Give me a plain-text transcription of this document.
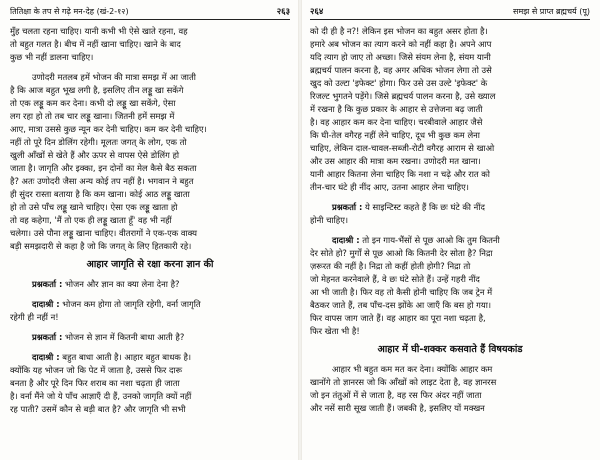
तितिक्षा के तप से गढ़े मन-देह (खं-2-१२)	२६३

मुँह चलता रहना चाहिए। यानी कभी भी ऐसे खाते रहना, वह

तो बहुत गलत है। बीच में नहीं खाना चाहिए। खाने के बाद

कुछ भी नहीं डालना चाहिए।

उणोदरी मतलब हमें भोजन की मात्रा समझ में आ जाती

है कि आज बहुत भूख लगी है, इसलिए तीन लड्डू खा सकेंगे

तो एक लड्डू कम कर देना। कभी दो लड्डू खा सकेंगे, ऐसा

लग रहा हो तो तब चार लड्डू खाना। जितनी हमें समझ में

आए, मात्रा उससे कुछ न्यून कर देनी चाहिए। कम कर देनी चाहिए।

नहीं तो पूरे दिन डोलिंग रहेगी। मूलतः जगत् के लोग, एक तो

खुली आँखों से खेते हैं और ऊपर से वापस ऐसे डोलिंग हो

जाता है। जागृति और इक्का, इन दोनों का मेल कैसे बैठ सकता

है? अतः उणोदरी जैसा अन्य कोई तप नहीं है। भगवान ने बहुत

ही सुंदर रास्ता बताया है कि कम खाना। कोई आठ लड्डू खाता

हो तो उसे पाँच लड्डू खाने चाहिए। ऐसा एक लड्डू खाता हो

तो वह कहेगा, 'मैं तो एक ही लड्डू खाता हूँ' वह भी नहीं

चलेगा। उसे पौना लड्डू खाना चाहिए। वीतरागों ने एक-एक वाक्य

बड़ी समझदारी से कहा है जो कि जगत् के लिए हितकारी रहे।

आहार जागृति से रक्षा करना ज्ञान की

प्रश्नकर्ता : भोजन और ज्ञान का क्या लेना देना है?

दादाश्री : भोजन कम होगा तो जागृति रहेगी, वर्ना जागृति

रहेगी ही नहीं न!

प्रश्नकर्ता : भोजन से ज्ञान में कितनी बाधा आती है?

दादाश्री : बहुत बाधा आती है। आहार बहुत बाधक है।

क्योंकि यह भोजन जो कि पेट में जाता है, उससे फिर दारू

बनता है और पूरे दिन फिर शराब का नशा चढ़ता ही जाता

है। वर्ना मैंने जो ये पाँच आज्ञाएँ दी हैं, उनको जागृति क्यों नहीं

रह पाती? उसमें कौन से बड़ी बात है? और जागृति भी सभी

२६४	समझ से प्राप्त ब्रह्मचर्य (पू)

को दी ही है न?! लेकिन इस भोजन का बहुत असर होता है।

हमारे अब भोजन का त्याग करने को नहीं कहा है। अपने आप

यदि त्याग हो जाए तो अच्छा। जिसे संयम लेना है, संयम यानी

ब्रह्मचर्य पालन करना है, वह अगर अधिक भोजन लेगा तो उसे

खुद को उल्टा 'इफेक्ट' होगा। फिर उसे उस उल्टे 'इफेक्ट' के

रिजल्ट भुगतने पड़ेंगे। जिसे ब्रह्मचर्य पालन करना है, उसे ख्याल

में रखना है कि कुछ प्रकार के आहार से उत्तेजना बढ़ जाती

है। वह आहार कम कर देना चाहिए। चरबीवाले आहार जैसे

कि घी-तेल वगैरह नहीं लेने चाहिए, दूध भी कुछ कम लेना

चाहिए, लेकिन दाल-चावल-सब्जी-रोटी वगैरह आराम से खाओ

और उस आहार की मात्रा कम रखना। उणोदरी मत खाना।

यानी आहार कितना लेना चाहिए कि नशा न चढ़े और रात को

तीन-चार घंटे ही नींद आए, उतना आहार लेना चाहिए।

प्रश्नकर्ता : ये साइन्टिस्ट कहते हैं कि छः घंटे की नींद

होनी चाहिए।

दादाश्री : तो इन गाय-भैंसों से पूछ आओ कि तुम कितनी

देर सोते हो? मुर्गों से पूछ आओ कि कितनी देर सोता है? निद्रा

ज़रूरत की नहीं है। निद्रा तो कहीं होती होगी? निद्रा तो

जो मेहनत करनेवाले हैं, वे छः घंटे सोते हैं। उन्हें गहरी नींद

आ भी जाती है। फिर वह तो कैसी होनी चाहिए कि जब ट्रेन में

बैठकर जाते हैं, तब पाँच-दस झोंके आ जाएँ कि बस हो गया।

फिर वापस जाग जाते हैं। वह आहार का पूरा नशा चढ़ता है,

फिर खेता भी है!

आहार में घी-शक्कर कसवाते हैं विषयकांड

आहार भी बहुत कम मत कर देना। क्योंकि आहार कम

खानोंगे तो ज्ञानरस जो कि आँखों को लाइट देता है, वह ज्ञानरस

जो इन तंतुओं में से जाता है, वह रस फिर अंदर नहीं जाता

और नसें सारी सूख जाती हैं। जबकी है, इसलिए यों मक्खन
